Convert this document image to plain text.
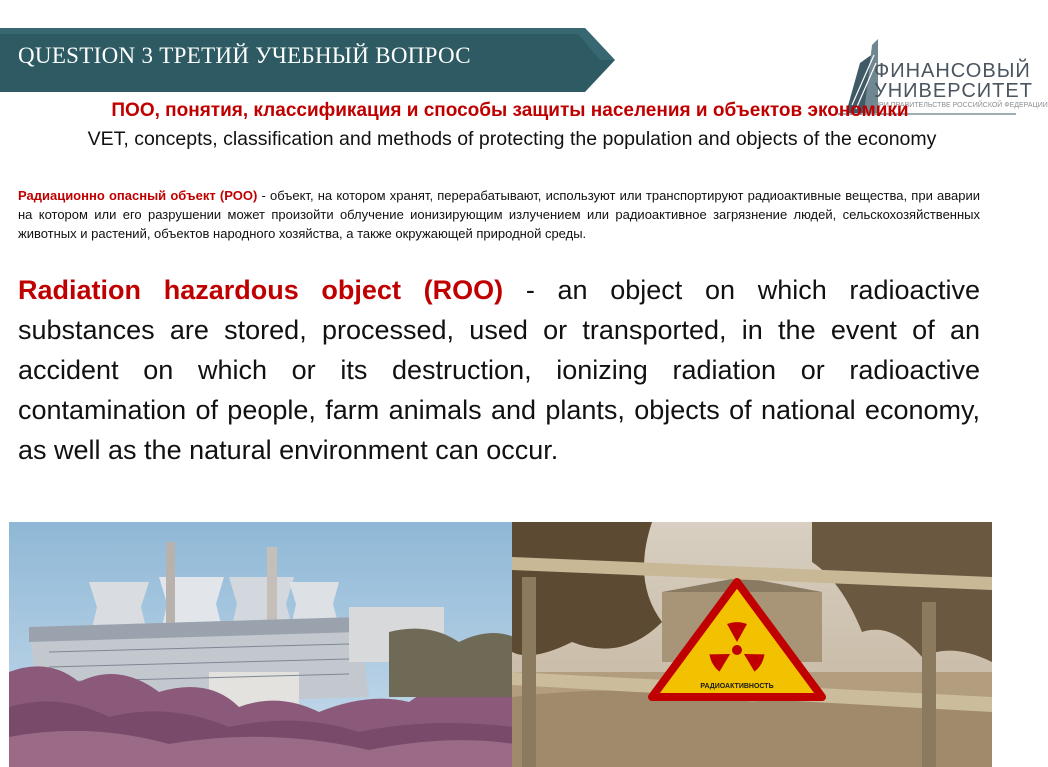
QUESTION 3 ТРЕТИЙ УЧЕБНЫЙ ВОПРОС
ФИНАНСОВЫЙ
УНИВЕРСИТЕТ
ПРИ ПРАВИТЕЛЬСТВЕ РОССИЙСКОЙ ФЕДЕРАЦИИ
ПОО, понятия, классификация и способы защиты населения и объектов экономики
VET, concepts, classification and methods of protecting the population and objects of the economy
Радиационно опасный объект (РОО) - объект, на котором хранят, перерабатывают, используют или транспортируют радиоактивные вещества, при аварии на котором или его разрушении может произойти облучение ионизирующим излучением или радиоактивное загрязнение людей, сельскохозяйственных животных и растений, объектов народного хозяйства, а также окружающей природной среды.
Radiation hazardous object (ROO) - an object on which radioactive substances are stored, processed, used or transported, in the event of an accident on which or its destruction, ionizing radiation or radioactive contamination of people, farm animals and plants, objects of national economy, as well as the natural environment can occur.
РАДИОАКТИВНОСТЬ
